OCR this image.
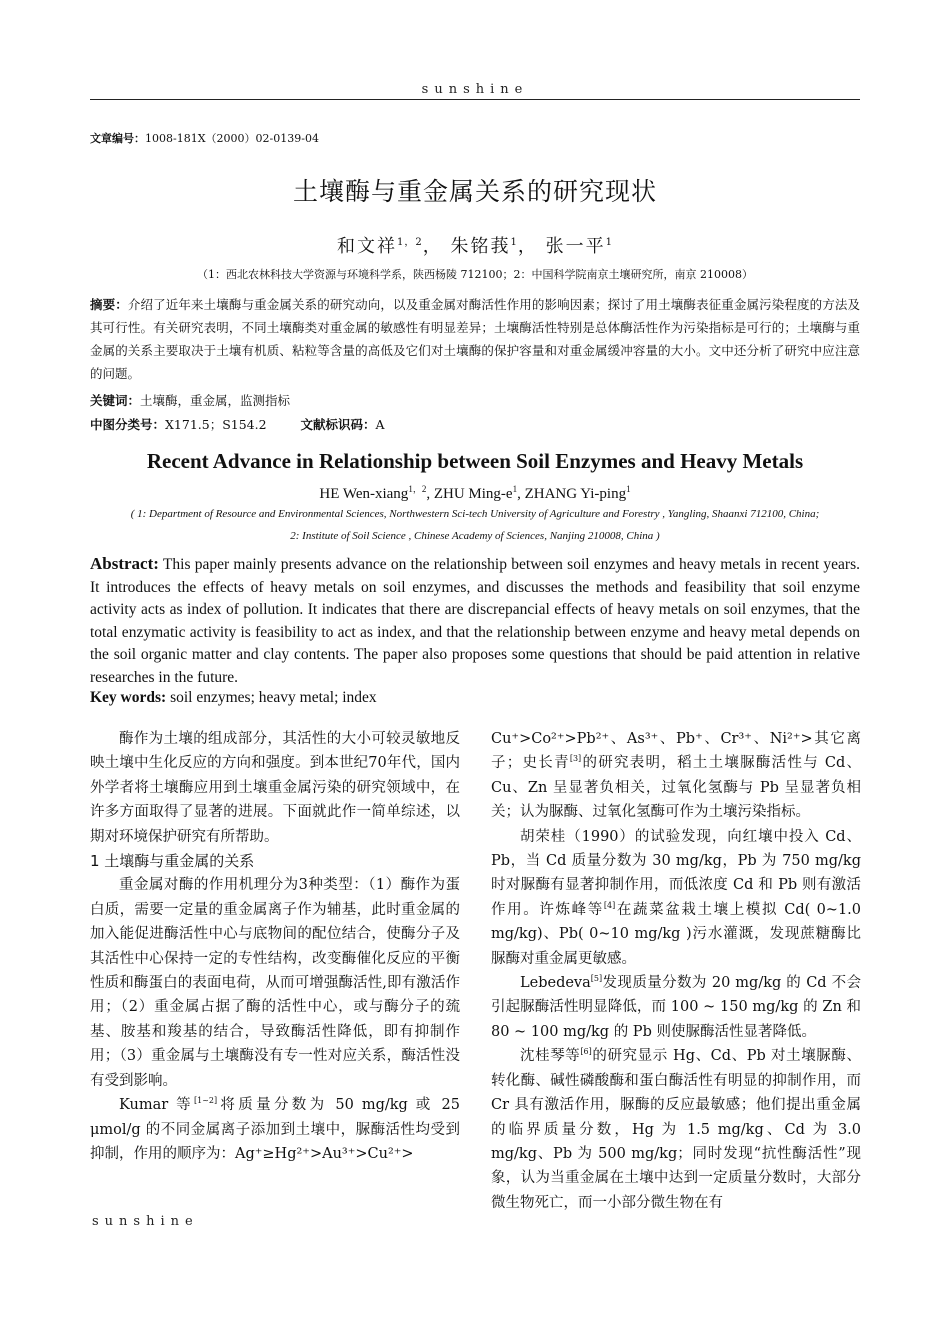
sunshine
文章编号：1008-181X（2000）02-0139-04
土壤酶与重金属关系的研究现状
和文祥$^{1,2}$， 朱铭莪$^1$， 张一平$^1$
（1：西北农林科技大学资源与环境科学系，陕西杨陵 712100；2：中国科学院南京土壤研究所，南京 210008）
摘要：介绍了近年来土壤酶与重金属关系的研究动向，以及重金属对酶活性作用的影响因素；探讨了用土壤酶表征重金属污染程度的方法及其可行性。有关研究表明，不同土壤酶类对重金属的敏感性有明显差异；土壤酶活性特别是总体酶活性作为污染指标是可行的；土壤酶与重金属的关系主要取决于土壤有机质、粘粒等含量的高低及它们对土壤酶的保护容量和对重金属缓冲容量的大小。文中还分析了研究中应注意的问题。
关键词：土壤酶，重金属，监测指标
中图分类号：X171.5；S154.2	文献标识码：A
Recent Advance in Relationship between Soil Enzymes and Heavy Metals
HE Wen-xiang$^{1,2}$, ZHU Ming-$e^1$, ZHANG Yi-ping$^1$
( 1: Department of Resource and Environmental Sciences, Northwestern Sci-tech University of Agriculture and Forestry , Yangling, Shaanxi 712100, China;
2: Institute of Soil Science , Chinese Academy of Sciences, Nanjing 210008, China )
Abstract: This paper mainly presents advance on the relationship between soil enzymes and heavy metals in recent years. It introduces the effects of heavy metals on soil enzymes, and discusses the methods and feasibility that soil enzyme activity acts as index of pollution. It indicates that there are discrepancial effects of heavy metals on soil enzymes, that the total enzymatic activity is feasibility to act as index, and that the relationship between enzyme and heavy metal depends on the soil organic matter and clay contents. The paper also proposes some questions that should be paid attention in relative researches in the future.
Key words: soil enzymes; heavy metal; index

酶作为土壤的组成部分，其活性的大小可较灵敏地反映土壤中生化反应的方向和强度。到本世纪70年代，国内外学者将土壤酶应用到土壤重金属污染的研究领域中，在许多方面取得了显著的进展。下面就此作一简单综述，以期对环境保护研究有所帮助。

1 土壤酶与重金属的关系

重金属对酶的作用机理分为3种类型：（1）酶作为蛋白质，需要一定量的重金属离子作为辅基，此时重金属的加入能促进酶活性中心与底物间的配位结合，使酶分子及其活性中心保持一定的专性结构，改变酶催化反应的平衡性质和酶蛋白的表面电荷，从而可增强酶活性,即有激活作用；（2）重金属占据了酶的活性中心，或与酶分子的巯基、胺基和羧基的结合，导致酶活性降低，即有抑制作用；（3）重金属与土壤酶没有专一性对应关系，酶活性没有受到影响。

Kumar 等[1~2]将质量分数为 50 mg/kg 或 25 μmol/g 的不同金属离子添加到土壤中，脲酶活性均受到抑制，作用的顺序为：Ag⁺≥Hg²⁺>Au³⁺>Cu²⁺>

Cu⁺>Co²⁺>Pb²⁺、As³⁺、Pb⁺、Cr³⁺、Ni²⁺>其它离子；史长青[3]的研究表明，稻土土壤脲酶活性与 Cd、Cu、Zn 呈显著负相关，过氧化氢酶与 Pb 呈显著负相关；认为脲酶、过氧化氢酶可作为土壤污染指标。

胡荣桂（1990）的试验发现，向红壤中投入 Cd、Pb，当 Cd 质量分数为 30 mg/kg，Pb 为 750 mg/kg 时对脲酶有显著抑制作用，而低浓度 Cd 和 Pb 则有激活作用。许炼峰等[4]在蔬菜盆栽土壤上模拟 Cd( 0~1.0 mg/kg)、Pb( 0~10 mg/kg )污水灌溉，发现蔗糖酶比脲酶对重金属更敏感。

Lebedeva[5]发现质量分数为 20 mg/kg 的 Cd 不会引起脲酶活性明显降低，而 100 ~ 150 mg/kg 的 Zn 和 80 ~ 100 mg/kg 的 Pb 则使脲酶活性显著降低。

沈桂琴等[6]的研究显示 Hg、Cd、Pb 对土壤脲酶、转化酶、碱性磷酸酶和蛋白酶活性有明显的抑制作用，而 Cr 具有激活作用，脲酶的反应最敏感；他们提出重金属的临界质量分数，Hg 为 1.5 mg/kg、Cd 为 3.0 mg/kg、Pb 为 500 mg/kg；同时发现“抗性酶活性”现象，认为当重金属在土壤中达到一定质量分数时，大部分微生物死亡，而一小部分微生物在有

sunshine
